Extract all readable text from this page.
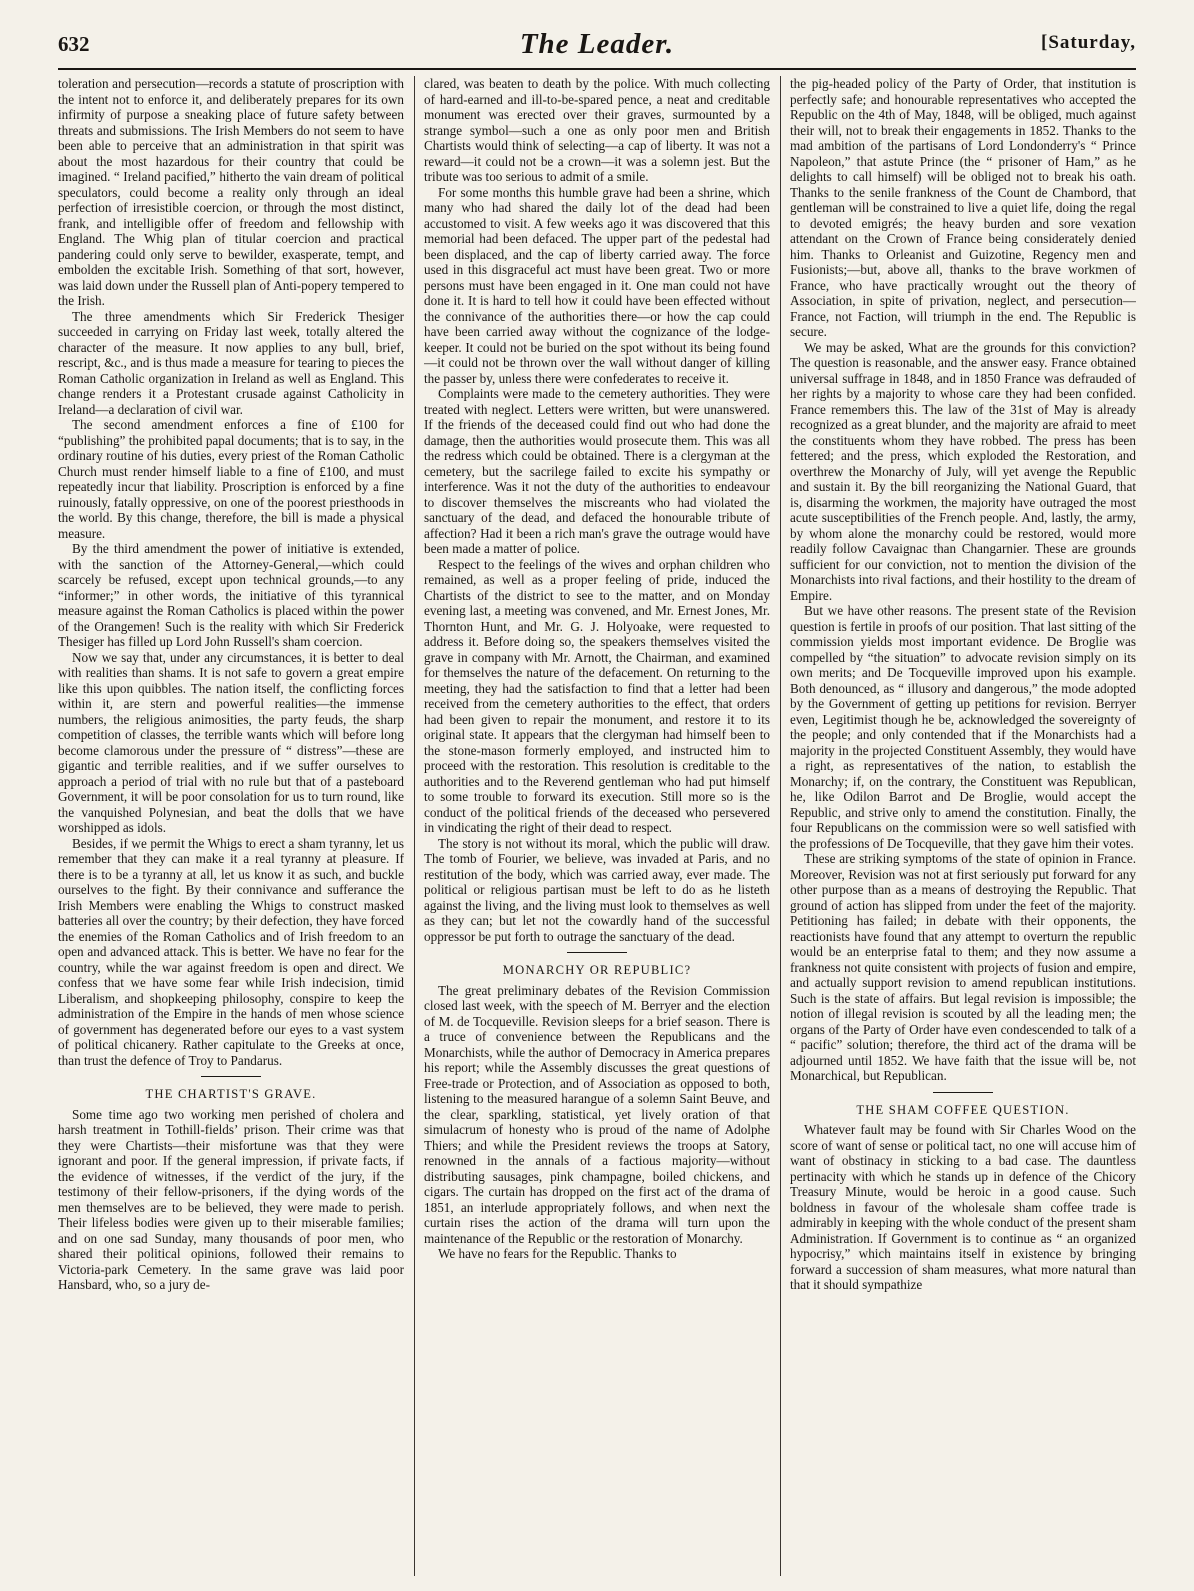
632	The Leader.	[Saturday,

toleration and persecution—records a statute of proscription with the intent not to enforce it, and deliberately prepares for its own infirmity of purpose a sneaking place of future safety between threats and submissions. The Irish Members do not seem to have been able to perceive that an administration in that spirit was about the most hazardous for their country that could be imagined. “ Ireland pacified,” hitherto the vain dream of political speculators, could become a reality only through an ideal perfection of irresistible coercion, or through the most distinct, frank, and intelligible offer of freedom and fellowship with England. The Whig plan of titular coercion and practical pandering could only serve to bewilder, exasperate, tempt, and embolden the excitable Irish. Something of that sort, however, was laid down under the Russell plan of Anti-popery tempered to the Irish.

The three amendments which Sir Frederick Thesiger succeeded in carrying on Friday last week, totally altered the character of the measure. It now applies to any bull, brief, rescript, &c., and is thus made a measure for tearing to pieces the Roman Catholic organization in Ireland as well as England. This change renders it a Protestant crusade against Catholicity in Ireland—a declaration of civil war.

The second amendment enforces a fine of £100 for “publishing” the prohibited papal documents; that is to say, in the ordinary routine of his duties, every priest of the Roman Catholic Church must render himself liable to a fine of £100, and must repeatedly incur that liability. Proscription is enforced by a fine ruinously, fatally oppressive, on one of the poorest priesthoods in the world. By this change, therefore, the bill is made a physical measure.

By the third amendment the power of initiative is extended, with the sanction of the Attorney-General,—which could scarcely be refused, except upon technical grounds,—to any “informer;” in other words, the initiative of this tyrannical measure against the Roman Catholics is placed within the power of the Orangemen! Such is the reality with which Sir Frederick Thesiger has filled up Lord John Russell's sham coercion.

Now we say that, under any circumstances, it is better to deal with realities than shams. It is not safe to govern a great empire like this upon quibbles. The nation itself, the conflicting forces within it, are stern and powerful realities—the immense numbers, the religious animosities, the party feuds, the sharp competition of classes, the terrible wants which will before long become clamorous under the pressure of “ distress”—these are gigantic and terrible realities, and if we suffer ourselves to approach a period of trial with no rule but that of a pasteboard Government, it will be poor consolation for us to turn round, like the vanquished Polynesian, and beat the dolls that we have worshipped as idols.

Besides, if we permit the Whigs to erect a sham tyranny, let us remember that they can make it a real tyranny at pleasure. If there is to be a tyranny at all, let us know it as such, and buckle ourselves to the fight. By their connivance and sufferance the Irish Members were enabling the Whigs to construct masked batteries all over the country; by their defection, they have forced the enemies of the Roman Catholics and of Irish freedom to an open and advanced attack. This is better. We have no fear for the country, while the war against freedom is open and direct. We confess that we have some fear while Irish indecision, timid Liberalism, and shopkeeping philosophy, conspire to keep the administration of the Empire in the hands of men whose science of government has degenerated before our eyes to a vast system of political chicanery. Rather capitulate to the Greeks at once, than trust the defence of Troy to Pandarus.

THE CHARTIST'S GRAVE.

Some time ago two working men perished of cholera and harsh treatment in Tothill-fields’ prison. Their crime was that they were Chartists—their misfortune was that they were ignorant and poor. If the general impression, if private facts, if the evidence of witnesses, if the verdict of the jury, if the testimony of their fellow-prisoners, if the dying words of the men themselves are to be believed, they were made to perish. Their lifeless bodies were given up to their miserable families; and on one sad Sunday, many thousands of poor men, who shared their political opinions, followed their remains to Victoria-park Cemetery. In the same grave was laid poor Hansbard, who, so a jury de-

clared, was beaten to death by the police. With much collecting of hard-earned and ill-to-be-spared pence, a neat and creditable monument was erected over their graves, surmounted by a strange symbol—such a one as only poor men and British Chartists would think of selecting—a cap of liberty. It was not a reward—it could not be a crown—it was a solemn jest. But the tribute was too serious to admit of a smile.

For some months this humble grave had been a shrine, which many who had shared the daily lot of the dead had been accustomed to visit. A few weeks ago it was discovered that this memorial had been defaced. The upper part of the pedestal had been displaced, and the cap of liberty carried away. The force used in this disgraceful act must have been great. Two or more persons must have been engaged in it. One man could not have done it. It is hard to tell how it could have been effected without the connivance of the authorities there—or how the cap could have been carried away without the cognizance of the lodge-keeper. It could not be buried on the spot without its being found—it could not be thrown over the wall without danger of killing the passer by, unless there were confederates to receive it.

Complaints were made to the cemetery authorities. They were treated with neglect. Letters were written, but were unanswered. If the friends of the deceased could find out who had done the damage, then the authorities would prosecute them. This was all the redress which could be obtained. There is a clergyman at the cemetery, but the sacrilege failed to excite his sympathy or interference. Was it not the duty of the authorities to endeavour to discover themselves the miscreants who had violated the sanctuary of the dead, and defaced the honourable tribute of affection? Had it been a rich man's grave the outrage would have been made a matter of police.

Respect to the feelings of the wives and orphan children who remained, as well as a proper feeling of pride, induced the Chartists of the district to see to the matter, and on Monday evening last, a meeting was convened, and Mr. Ernest Jones, Mr. Thornton Hunt, and Mr. G. J. Holyoake, were requested to address it. Before doing so, the speakers themselves visited the grave in company with Mr. Arnott, the Chairman, and examined for themselves the nature of the defacement. On returning to the meeting, they had the satisfaction to find that a letter had been received from the cemetery authorities to the effect, that orders had been given to repair the monument, and restore it to its original state. It appears that the clergyman had himself been to the stone-mason formerly employed, and instructed him to proceed with the restoration. This resolution is creditable to the authorities and to the Reverend gentleman who had put himself to some trouble to forward its execution. Still more so is the conduct of the political friends of the deceased who persevered in vindicating the right of their dead to respect.

The story is not without its moral, which the public will draw. The tomb of Fourier, we believe, was invaded at Paris, and no restitution of the body, which was carried away, ever made. The political or religious partisan must be left to do as he listeth against the living, and the living must look to themselves as well as they can; but let not the cowardly hand of the successful oppressor be put forth to outrage the sanctuary of the dead.

MONARCHY OR REPUBLIC?

The great preliminary debates of the Revision Commission closed last week, with the speech of M. Berryer and the election of M. de Tocqueville. Revision sleeps for a brief season. There is a truce of convenience between the Republicans and the Monarchists, while the author of Democracy in America prepares his report; while the Assembly discusses the great questions of Free-trade or Protection, and of Association as opposed to both, listening to the measured harangue of a solemn Saint Beuve, and the clear, sparkling, statistical, yet lively oration of that simulacrum of honesty who is proud of the name of Adolphe Thiers; and while the President reviews the troops at Satory, renowned in the annals of a factious majority—without distributing sausages, pink champagne, boiled chickens, and cigars. The curtain has dropped on the first act of the drama of 1851, an interlude appropriately follows, and when next the curtain rises the action of the drama will turn upon the maintenance of the Republic or the restoration of Monarchy.

We have no fears for the Republic. Thanks to

the pig-headed policy of the Party of Order, that institution is perfectly safe; and honourable representatives who accepted the Republic on the 4th of May, 1848, will be obliged, much against their will, not to break their engagements in 1852. Thanks to the mad ambition of the partisans of Lord Londonderry's “ Prince Napoleon,” that astute Prince (the “ prisoner of Ham,” as he delights to call himself) will be obliged not to break his oath. Thanks to the senile frankness of the Count de Chambord, that gentleman will be constrained to live a quiet life, doing the regal to devoted emigrés; the heavy burden and sore vexation attendant on the Crown of France being considerately denied him. Thanks to Orleanist and Guizotine, Regency men and Fusionists;—but, above all, thanks to the brave workmen of France, who have practically wrought out the theory of Association, in spite of privation, neglect, and persecution—France, not Faction, will triumph in the end. The Republic is secure.

We may be asked, What are the grounds for this conviction? The question is reasonable, and the answer easy. France obtained universal suffrage in 1848, and in 1850 France was defrauded of her rights by a majority to whose care they had been confided. France remembers this. The law of the 31st of May is already recognized as a great blunder, and the majority are afraid to meet the constituents whom they have robbed. The press has been fettered; and the press, which exploded the Restoration, and overthrew the Monarchy of July, will yet avenge the Republic and sustain it. By the bill reorganizing the National Guard, that is, disarming the workmen, the majority have outraged the most acute susceptibilities of the French people. And, lastly, the army, by whom alone the monarchy could be restored, would more readily follow Cavaignac than Changarnier. These are grounds sufficient for our conviction, not to mention the division of the Monarchists into rival factions, and their hostility to the dream of Empire.

But we have other reasons. The present state of the Revision question is fertile in proofs of our position. That last sitting of the commission yields most important evidence. De Broglie was compelled by “the situation” to advocate revision simply on its own merits; and De Tocqueville improved upon his example. Both denounced, as “ illusory and dangerous,” the mode adopted by the Government of getting up petitions for revision. Berryer even, Legitimist though he be, acknowledged the sovereignty of the people; and only contended that if the Monarchists had a majority in the projected Constituent Assembly, they would have a right, as representatives of the nation, to establish the Monarchy; if, on the contrary, the Constituent was Republican, he, like Odilon Barrot and De Broglie, would accept the Republic, and strive only to amend the constitution. Finally, the four Republicans on the commission were so well satisfied with the professions of De Tocqueville, that they gave him their votes.

These are striking symptoms of the state of opinion in France. Moreover, Revision was not at first seriously put forward for any other purpose than as a means of destroying the Republic. That ground of action has slipped from under the feet of the majority. Petitioning has failed; in debate with their opponents, the reactionists have found that any attempt to overturn the republic would be an enterprise fatal to them; and they now assume a frankness not quite consistent with projects of fusion and empire, and actually support revision to amend republican institutions. Such is the state of affairs. But legal revision is impossible; the notion of illegal revision is scouted by all the leading men; the organs of the Party of Order have even condescended to talk of a “ pacific” solution; therefore, the third act of the drama will be adjourned until 1852. We have faith that the issue will be, not Monarchical, but Republican.

THE SHAM COFFEE QUESTION.

Whatever fault may be found with Sir Charles Wood on the score of want of sense or political tact, no one will accuse him of want of obstinacy in sticking to a bad case. The dauntless pertinacity with which he stands up in defence of the Chicory Treasury Minute, would be heroic in a good cause. Such boldness in favour of the wholesale sham coffee trade is admirably in keeping with the whole conduct of the present sham Administration. If Government is to continue as “ an organized hypocrisy,” which maintains itself in existence by bringing forward a succession of sham measures, what more natural than that it should sympathize
